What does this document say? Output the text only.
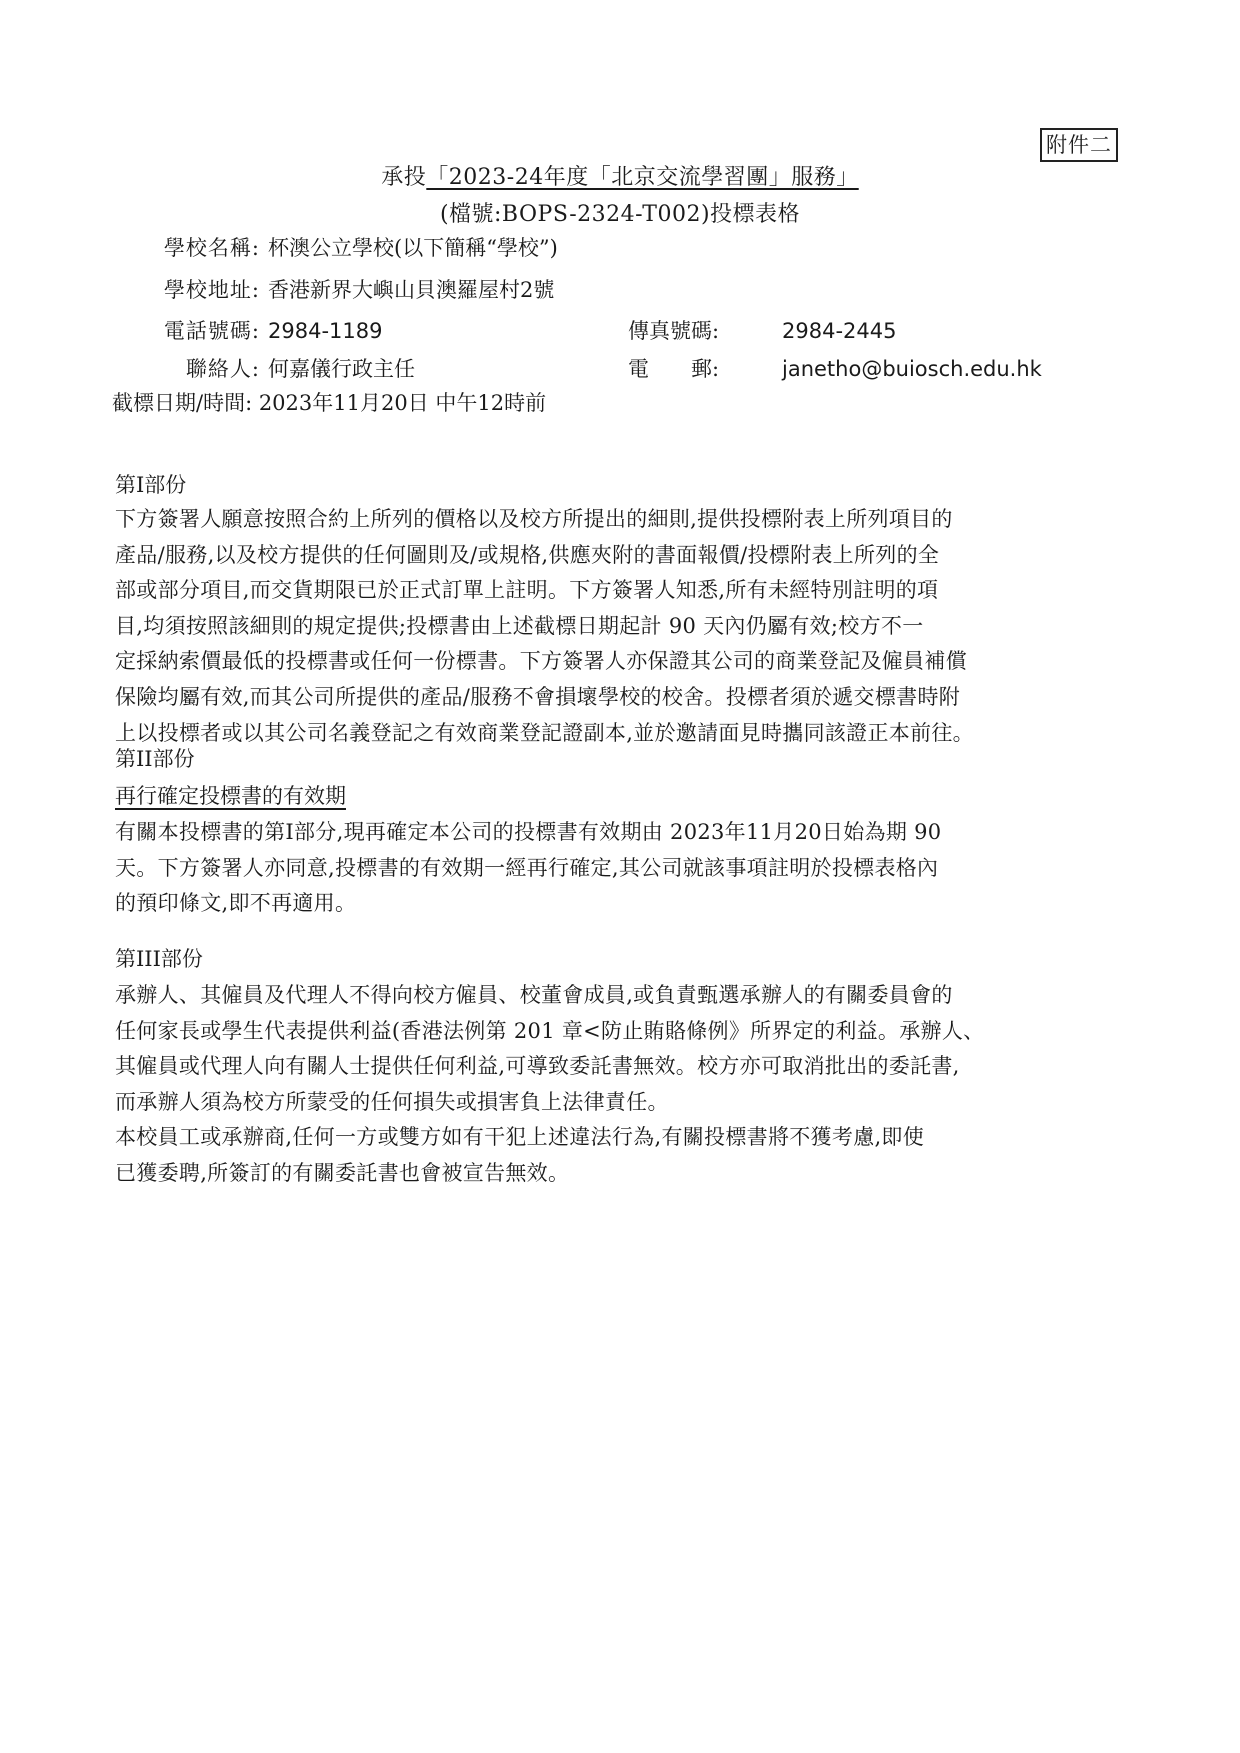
附件二
承投「2023-24年度「北京交流學習團」服務」
(檔號:BOPS-2324-T002)投標表格
學校名稱: 杯澳公立學校(以下簡稱“學校”)
學校地址: 香港新界大嶼山貝澳羅屋村2號
電話號碼: 2984-1189	傳真號碼:	2984-2445
聯絡人: 何嘉儀行政主任	電　　郵:	janetho@buiosch.edu.hk
截標日期/時間: 2023年11月20日 中午12時前
第I部份
下方簽署人願意按照合約上所列的價格以及校方所提出的細則,提供投標附表上所列項目的
產品/服務,以及校方提供的任何圖則及/或規格,供應夾附的書面報價/投標附表上所列的全
部或部分項目,而交貨期限已於正式訂單上註明。下方簽署人知悉,所有未經特別註明的項
目,均須按照該細則的規定提供;投標書由上述截標日期起計 90 天內仍屬有效;校方不一
定採納索價最低的投標書或任何一份標書。下方簽署人亦保證其公司的商業登記及僱員補償
保險均屬有效,而其公司所提供的產品/服務不會損壞學校的校舍。投標者須於遞交標書時附
上以投標者或以其公司名義登記之有效商業登記證副本,並於邀請面見時攜同該證正本前往。
第II部份
再行確定投標書的有效期
有關本投標書的第I部分,現再確定本公司的投標書有效期由 2023年11月20日始為期 90
天。下方簽署人亦同意,投標書的有效期一經再行確定,其公司就該事項註明於投標表格內
的預印條文,即不再適用。
第III部份
承辦人、其僱員及代理人不得向校方僱員、校董會成員,或負責甄選承辦人的有關委員會的
任何家長或學生代表提供利益(香港法例第 201 章<防止賄賂條例》所界定的利益。承辦人、
其僱員或代理人向有關人士提供任何利益,可導致委託書無效。校方亦可取消批出的委託書,
而承辦人須為校方所蒙受的任何損失或損害負上法律責任。
本校員工或承辦商,任何一方或雙方如有干犯上述違法行為,有關投標書將不獲考慮,即使
已獲委聘,所簽訂的有關委託書也會被宣告無效。
